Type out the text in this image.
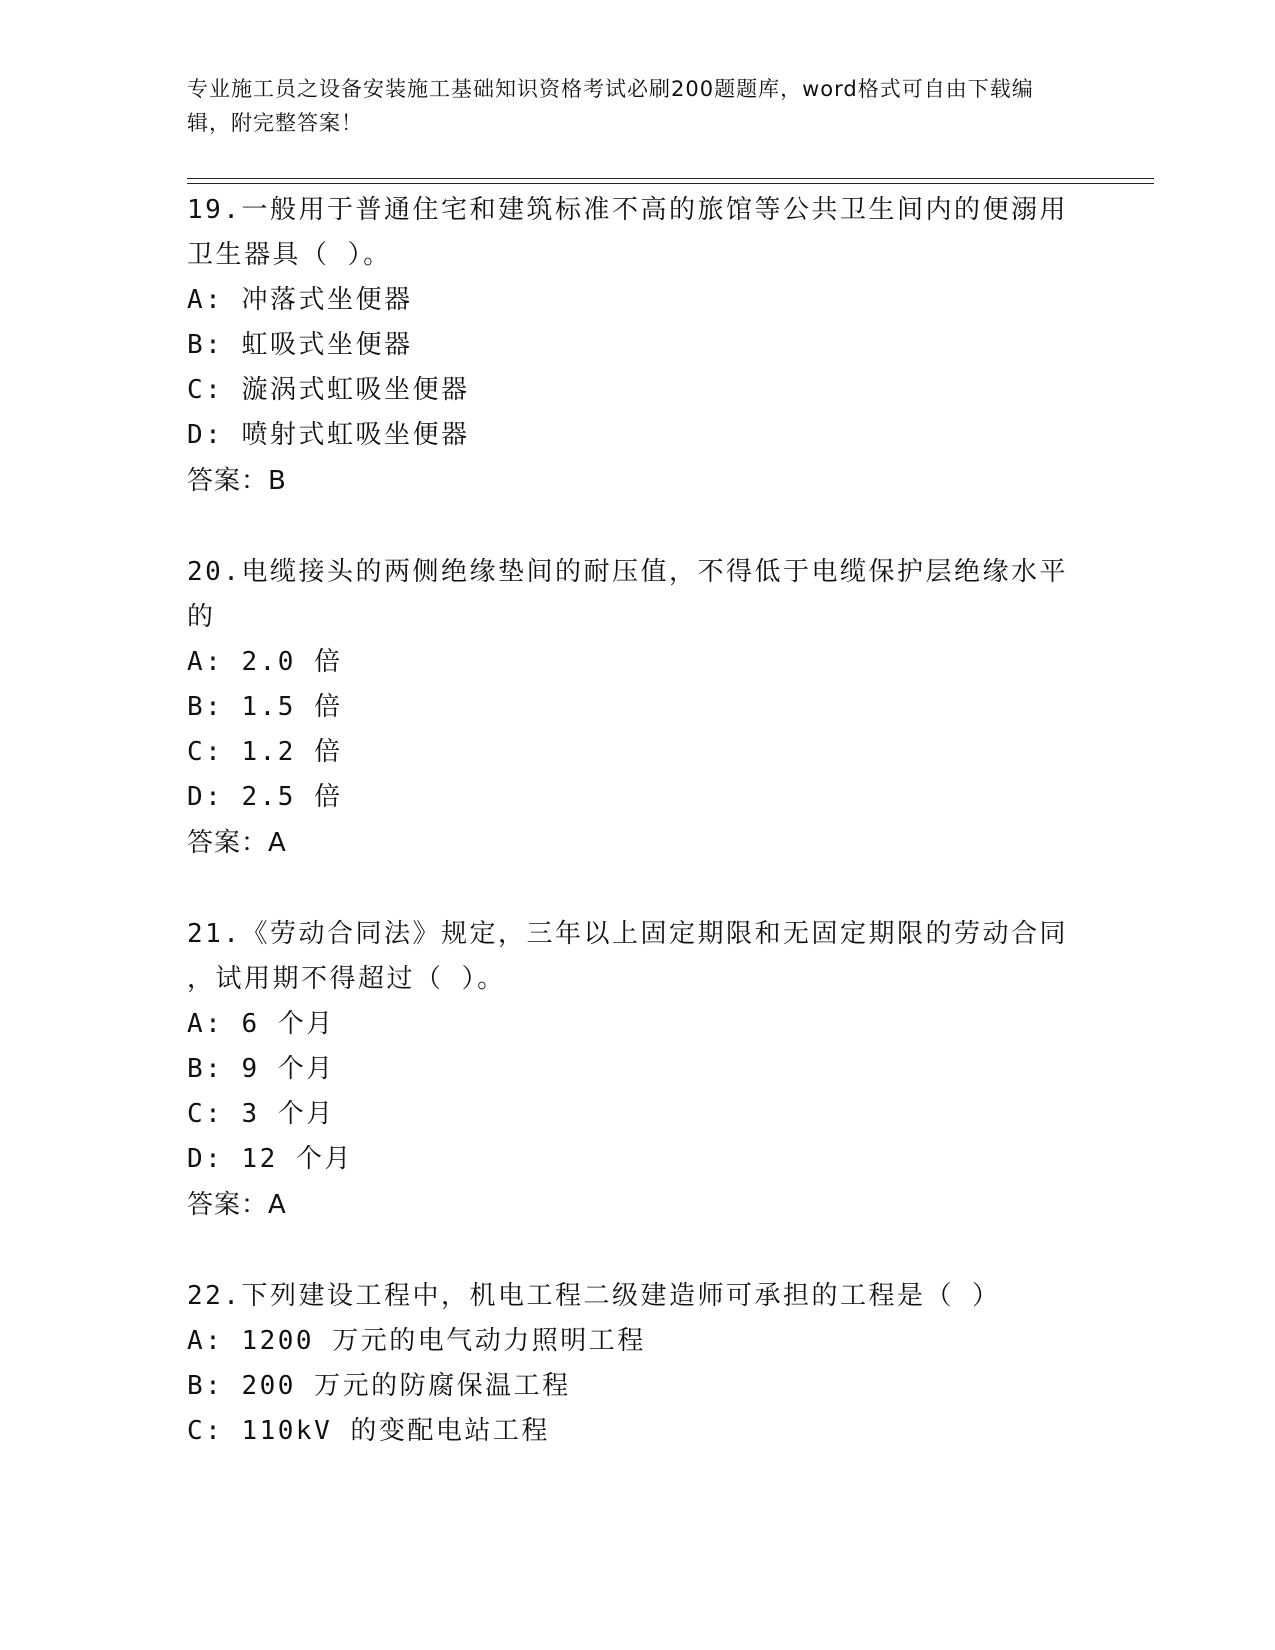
专业施工员之设备安装施工基础知识资格考试必刷200题题库，word格式可自由下载编辑，附完整答案！

19.一般用于普通住宅和建筑标准不高的旅馆等公共卫生间内的便溺用

卫生器具（ ）。

A: 冲落式坐便器

B: 虹吸式坐便器

C: 漩涡式虹吸坐便器

D: 喷射式虹吸坐便器

答案：B

20.电缆接头的两侧绝缘垫间的耐压值，不得低于电缆保护层绝缘水平

的

A: 2.0 倍

B: 1.5 倍

C: 1.2 倍

D: 2.5 倍

答案：A

21.《劳动合同法》规定，三年以上固定期限和无固定期限的劳动合同

，试用期不得超过（ ）。

A: 6 个月

B: 9 个月

C: 3 个月

D: 12 个月

答案：A

22.下列建设工程中，机电工程二级建造师可承担的工程是（ ）

A: 1200 万元的电气动力照明工程

B: 200 万元的防腐保温工程

C: 110kV 的变配电站工程
